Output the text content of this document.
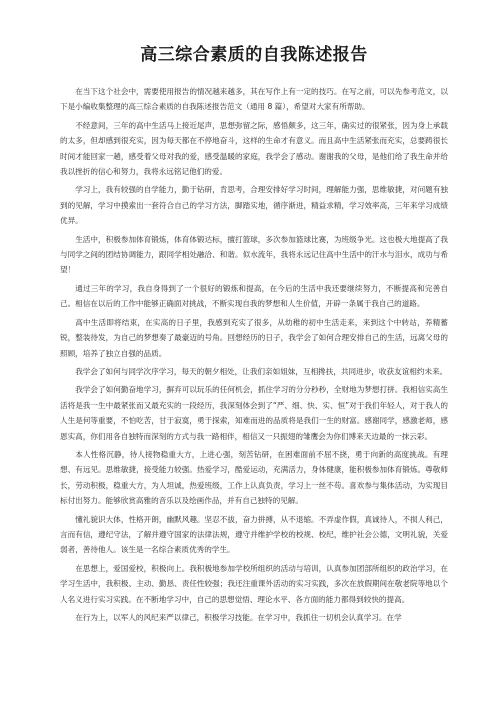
高三综合素质的自我陈述报告

在当下这个社会中，需要使用报告的情况越来越多，其在写作上有一定的技巧。在写之前，可以先参考范文，以下是小编收集整理的高三综合素质的自我陈述报告范文（通用 8 篇），希望对大家有所帮助。

不经意间，三年的高中生活马上接近尾声，思想弥留之际，感悟颇多，这三年，确实过的很紧张，因为身上承载的太多，但却感到很充实，因为每天都在不停地奋斗，这样的生命才有意义。而且高中生活紧张而充实，总要踌很长时间才能回家一趟，感受着父母对我的爱，感受温暖的家庭，我学会了感动。谢谢我的父母，是他们给了我生命并给我以挫折的信心和努力，我将永远铭记他们的爱。

学习上，我有较强的自学能力，勤于钻研，肯思考，合理安排好学习时间，理解能力强，思维敏捷，对问题有独到的见解，学习中摸索出一套符合自己的学习方法，脚踏实地，循序渐进，精益求精，学习效率高，三年来学习成绩优异。

生活中，积极参加体育锻炼，体育体锻达标，擅打篮球，多次参加篮球比赛，为班级争光。这也极大地提高了我与同学之间的团结协调能力，跟同学相处融洽、和谐。似水流年，我将永远记住高中生活中的汗水与泪水，成功与希望！

通过三年的学习，我自身得到了一个很好的锻炼和提高，在今后的生活中我还要继续努力，不断提高和完善自己。相信在以后的工作中能够正确面对挑战，不断实现自我的梦想和人生价值，开辟一条属于我自己的道路。

高中生活即将结束，在实高的日子里，我感到充实了很多，从幼稚的初中生活走来，来到这个中转站，养精蓄锐，整装待发，为自己的梦想奏了最豪迈的号角。回想经历的日子，我学会了如何合理安排自己的生活，远离父母的照顾，培养了独立自强的品质。

我学会了如何与同学次序学习，每天的朝夕相处，让我们亲如姐妹，互相搀扶，共同进步，收获友谊相约未来。

我学会了如何勤奋地学习，摒弃可以玩乐的任何机会，抓住学习的分分秒秒，全财地为梦想打拼。我相信实高生活将是我一生中最紧张而又最充实的一段经历，我深刻体会到了“严、细、快、实、恒”对于我们年轻人，对于我人的人生是何等重要，不怕吃苦，甘于寂寞，勇于探索，知难而进的品质将是我们一生的财富。感谢同学，感激老师，感恩实高，你们用各自独特而深刻的方式与我一路相伴，相信又一只振翅的雏鹰会为你们博来天边最的一抹云彩。

本人性格沉静，待人接物稳重大方，上进心强，刻苦钻研，在困难面前不屈不挠，勇于向新的高度挑战。有理想、有远见。思维敏捷，接受能力较强。热爱学习，酷爱运动，充满活力，身体健康，能积极参加体育锻炼。尊敬师长，劳动积极，稳重大方，为人坦诚，热爱班级，工作上认真负责，学习上一丝不苟。喜欢参与集体活动，为实现目标付出努力。能够欣赏高雅的音乐以及绘画作品，并有自己独特的见解。

懂礼貌识大体，性格开朗，幽默风趣。坚忍不拔，奋力拼搏，从不退缩。不弄虚作假，真诚待人，不损人利己，言而有信，遵纪守法，了解并遵守国家的法律法规，遵守并维护学校的校规、校纪，维护社会公德，文明礼貌，关爱弱者，善待他人。该生是一名综合素质优秀的学生。

在思想上，爱国爱校，积极向上。我积极地参加学校所组织的活动与培训，认真参加团部所组织的政治学习，在学习生活中，我积极、主动、勤恳、责任性较强；我还注重课外活动的实习实践，多次在放假期间在敬老院等地以个人名义进行实习实践。在不断地学习中，自己的思想觉悟、理论水平、各方面的能力都得到较快的提高。

在行为上，以军人的风纪来严以律己，积极学习技能。在学习中，我抓住一切机会认真学习。在学
